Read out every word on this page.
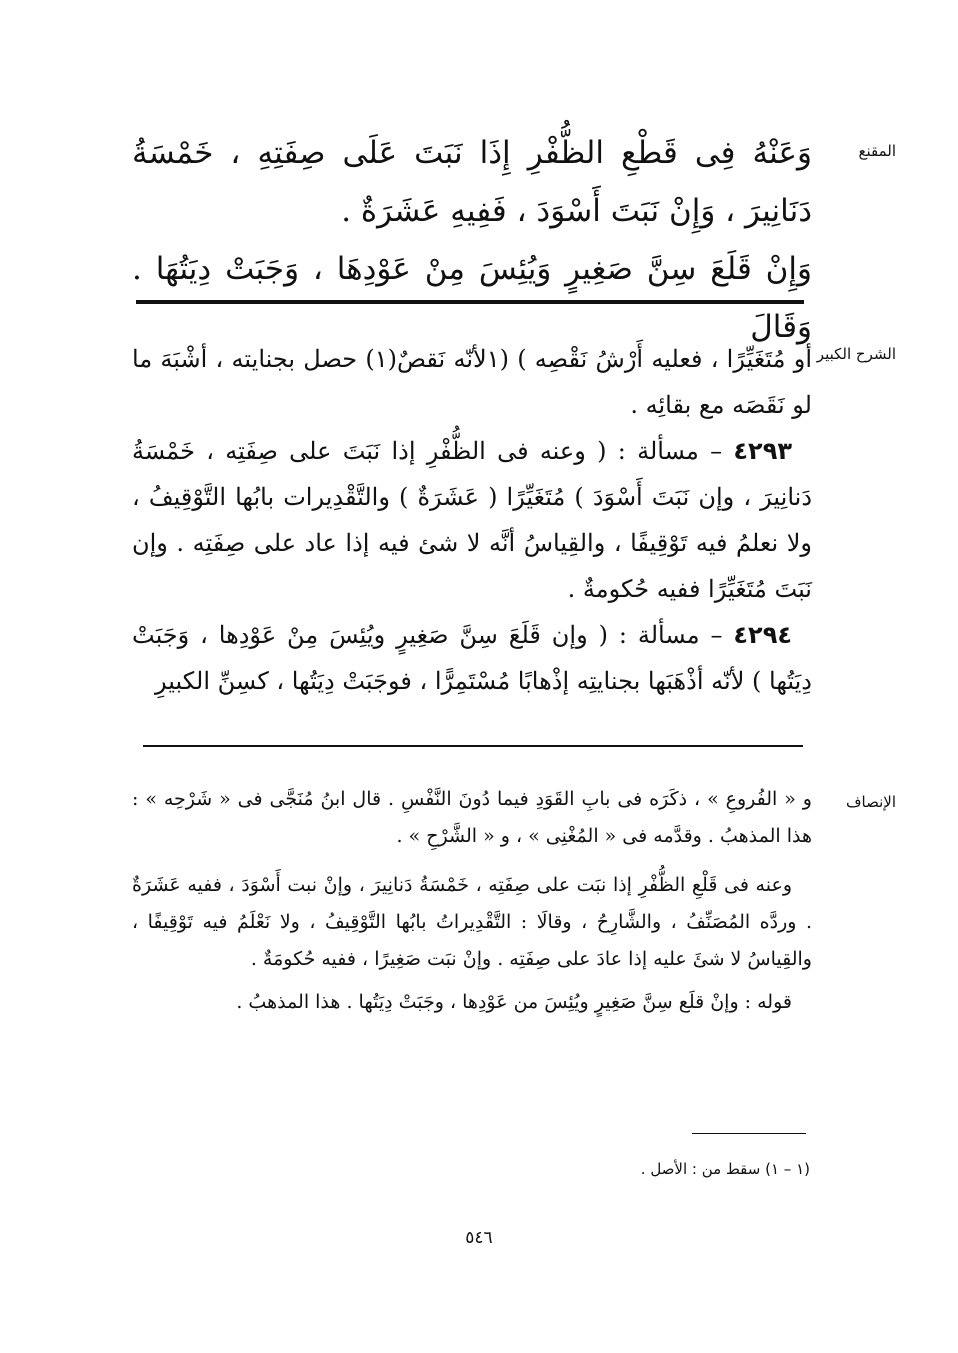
المقنع

وَعَنْهُ فِى قَطْعِ الظُّفْرِ إِذَا نَبَتَ عَلَى صِفَتِهِ ، خَمْسَةُ دَنَانِيرَ ، وَإِنْ نَبَتَ أَسْوَدَ ، فَفِيهِ عَشَرَةٌ .

وَإِنْ قَلَعَ سِنَّ صَغِيرٍ وَيُئِسَ مِنْ عَوْدِهَا ، وَجَبَتْ دِيَتُهَا . وَقَالَ

الشرح الكبير

أو مُتَغَيِّرًا ، فعليه أَرْشُ نَقْصِه ) (١لأنّه نَقصٌ(١) حصل بجنايته ، أشْبَهَ ما لو نَقَصَه مع بقائِه .

٤٢٩٣ – مسألة : ( وعنه فى الظُّفْرِ إذا نَبَتَ على صِفَتِه ، خَمْسَةُ دَنانِيرَ ، وإن نَبَتَ أَسْوَدَ ) مُتَغَيِّرًا ( عَشَرَةٌ ) والتَّقْدِيرات بابُها التَّوْقِيفُ ، ولا نعلمُ فيه تَوْقِيفًا ، والقِياسُ أنَّه لا شئ فيه إذا عاد على صِفَتِه . وإن نَبَتَ مُتَغَيِّرًا ففيه حُكومةٌ .

٤٢٩٤ – مسألة : ( وإن قَلَعَ سِنَّ صَغِيرٍ ويُئِسَ مِنْ عَوْدِها ، وَجَبَتْ دِيَتُها ) لأنّه أذْهَبَها بجنايتِه إذْهابًا مُسْتَمِرًّا ، فوجَبَتْ دِيَتُها ، كسِنِّ الكبيرِ

الإنصاف

و « الفُروعِ » ، ذكَرَه فى بابِ القَوَدِ فيما دُونَ النَّفْسِ . قال ابنُ مُنَجَّى فى « شَرْحِه » : هذا المذهبُ . وقدَّمه فى « المُغْنِى » ، و « الشَّرْحِ » .

وعنه فى قَلْعِ الظُّفْرِ إذا نبَت على صِفَتِه ، خَمْسَةُ دَنانِيرَ ، وإنْ نبت أَسْوَدَ ، ففيه عَشَرَةٌ . وردَّه المُصَنِّفُ ، والشَّارِحُ ، وقالَا : التَّقْدِيراتُ بابُها التَّوْقِيفُ ، ولا نَعْلَمُ فيه تَوْقِيفًا ، والقِياسُ لا شئَ عليه إذا عادَ على صِفَتِه . وإنْ نبَت صَغِيرًا ، ففيه حُكومَةٌ .

قوله : وإنْ قلَع سِنَّ صَغِيرٍ ويُئِسَ من عَوْدِها ، وجَبَتْ دِيَتُها . هذا المذهبُ .

(١ – ١) سقط من : الأصل .
٥٤٦
